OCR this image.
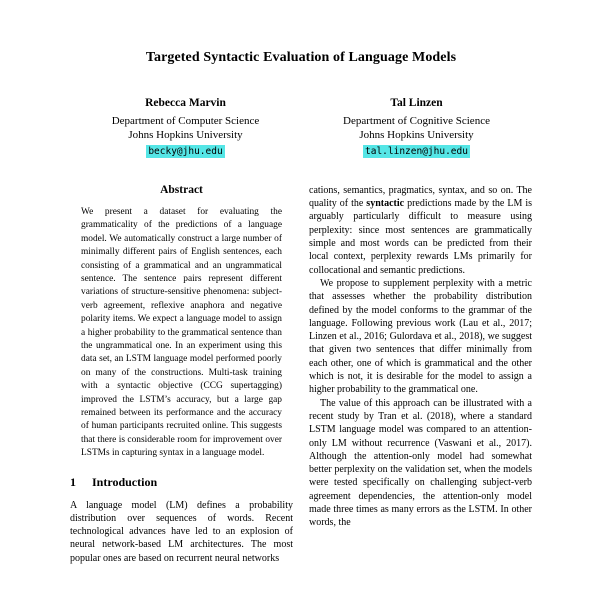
Targeted Syntactic Evaluation of Language Models
Rebecca Marvin
Department of Computer Science
Johns Hopkins University
becky@jhu.edu
Tal Linzen
Department of Cognitive Science
Johns Hopkins University
tal.linzen@jhu.edu
Abstract

We present a dataset for evaluating the grammaticality of the predictions of a language model. We automatically construct a large number of minimally different pairs of English sentences, each consisting of a grammatical and an ungrammatical sentence. The sentence pairs represent different variations of structure-sensitive phenomena: subject-verb agreement, reflexive anaphora and negative polarity items. We expect a language model to assign a higher probability to the grammatical sentence than the ungrammatical one. In an experiment using this data set, an LSTM language model performed poorly on many of the constructions. Multi-task training with a syntactic objective (CCG supertagging) improved the LSTM’s accuracy, but a large gap remained between its performance and the accuracy of human participants recruited online. This suggests that there is considerable room for improvement over LSTMs in capturing syntax in a language model.

1 Introduction

A language model (LM) defines a probability distribution over sequences of words. Recent technological advances have led to an explosion of neural network-based LM architectures. The most popular ones are based on recurrent neural networks

cations, semantics, pragmatics, syntax, and so on. The quality of the syntactic predictions made by the LM is arguably particularly difficult to measure using perplexity: since most sentences are grammatically simple and most words can be predicted from their local context, perplexity rewards LMs primarily for collocational and semantic predictions.

We propose to supplement perplexity with a metric that assesses whether the probability distribution defined by the model conforms to the grammar of the language. Following previous work (Lau et al., 2017; Linzen et al., 2016; Gulordava et al., 2018), we suggest that given two sentences that differ minimally from each other, one of which is grammatical and the other which is not, it is desirable for the model to assign a higher probability to the grammatical one.

The value of this approach can be illustrated with a recent study by Tran et al. (2018), where a standard LSTM language model was compared to an attention-only LM without recurrence (Vaswani et al., 2017). Although the attention-only model had somewhat better perplexity on the validation set, when the models were tested specifically on challenging subject-verb agreement dependencies, the attention-only model made three times as many errors as the LSTM. In other words, the
